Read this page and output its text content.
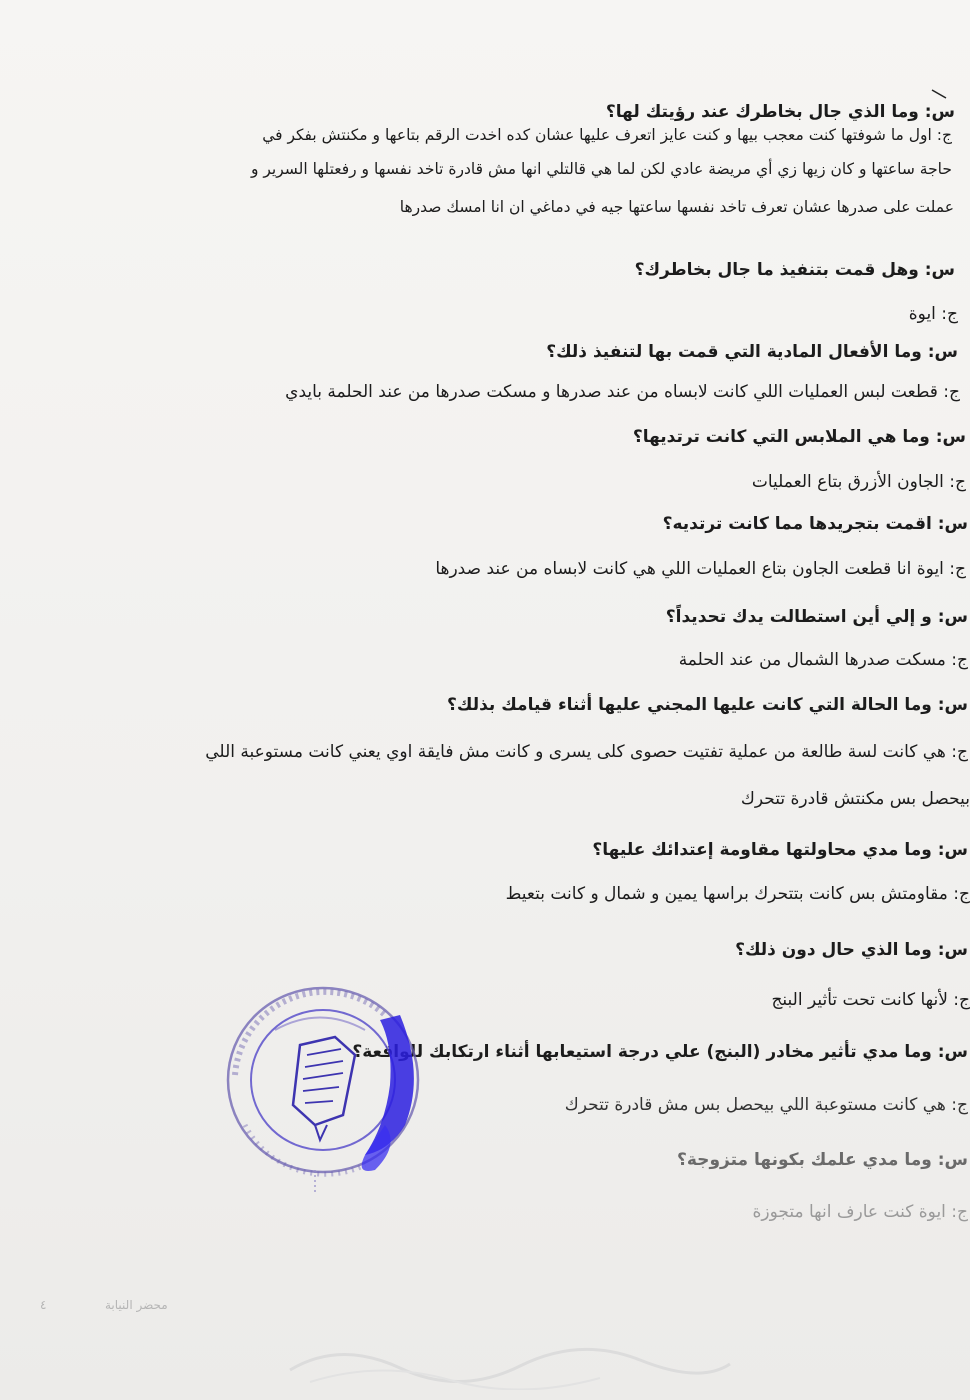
س: وما الذي جال بخاطرك عند رؤيتك لها؟
ج: اول ما شوفتها كنت معجب بيها و كنت عايز اتعرف عليها عشان كده اخدت الرقم بتاعها و مكنتش بفكر في
حاجة ساعتها و كان زيها زي أي مريضة عادي لكن لما هي قالتلي انها مش قادرة تاخد نفسها و رفعتلها السرير و
عملت على صدرها عشان تعرف تاخد نفسها ساعتها جيه في دماغي ان انا امسك صدرها
س: وهل قمت بتنفيذ ما جال بخاطرك؟
ج: ايوة
س: وما الأفعال المادية التي قمت بها لتنفيذ ذلك؟
ج: قطعت لبس العمليات اللي كانت لابساه من عند صدرها و مسكت صدرها من عند الحلمة بايدي
س: وما هي الملابس التي كانت ترتديها؟
ج: الجاون الأزرق بتاع العمليات
س: اقمت بتجريدها مما كانت ترتديه؟
ج: ايوة انا قطعت الجاون بتاع العمليات اللي هي كانت لابساه من عند صدرها
س: و إلي أين استطالت يدك تحديداً؟
ج: مسكت صدرها الشمال من عند الحلمة
س: وما الحالة التي كانت عليها المجني عليها أثناء قيامك بذلك؟
ج: هي كانت لسة طالعة من عملية تفتيت حصوى كلى يسرى و كانت مش فايقة اوي يعني كانت مستوعبة اللي
بيحصل بس مكنتش قادرة تتحرك
س: وما مدي محاولتها مقاومة إعتدائك عليها؟
ج: مقاومتش بس كانت بتتحرك براسها يمين و شمال و كانت بتعيط
س: وما الذي حال دون ذلك؟
ج: لأنها كانت تحت تأثير البنج
س: وما مدي تأثير مخادر (البنج) علي درجة استيعابها أثناء ارتكابك للواقعة؟
ج: هي كانت مستوعبة اللي بيحصل بس مش قادرة تتحرك
س: وما مدي علمك بكونها متزوجة؟
ج: ايوة كنت عارف انها متجوزة
٤	محضر النيابة
